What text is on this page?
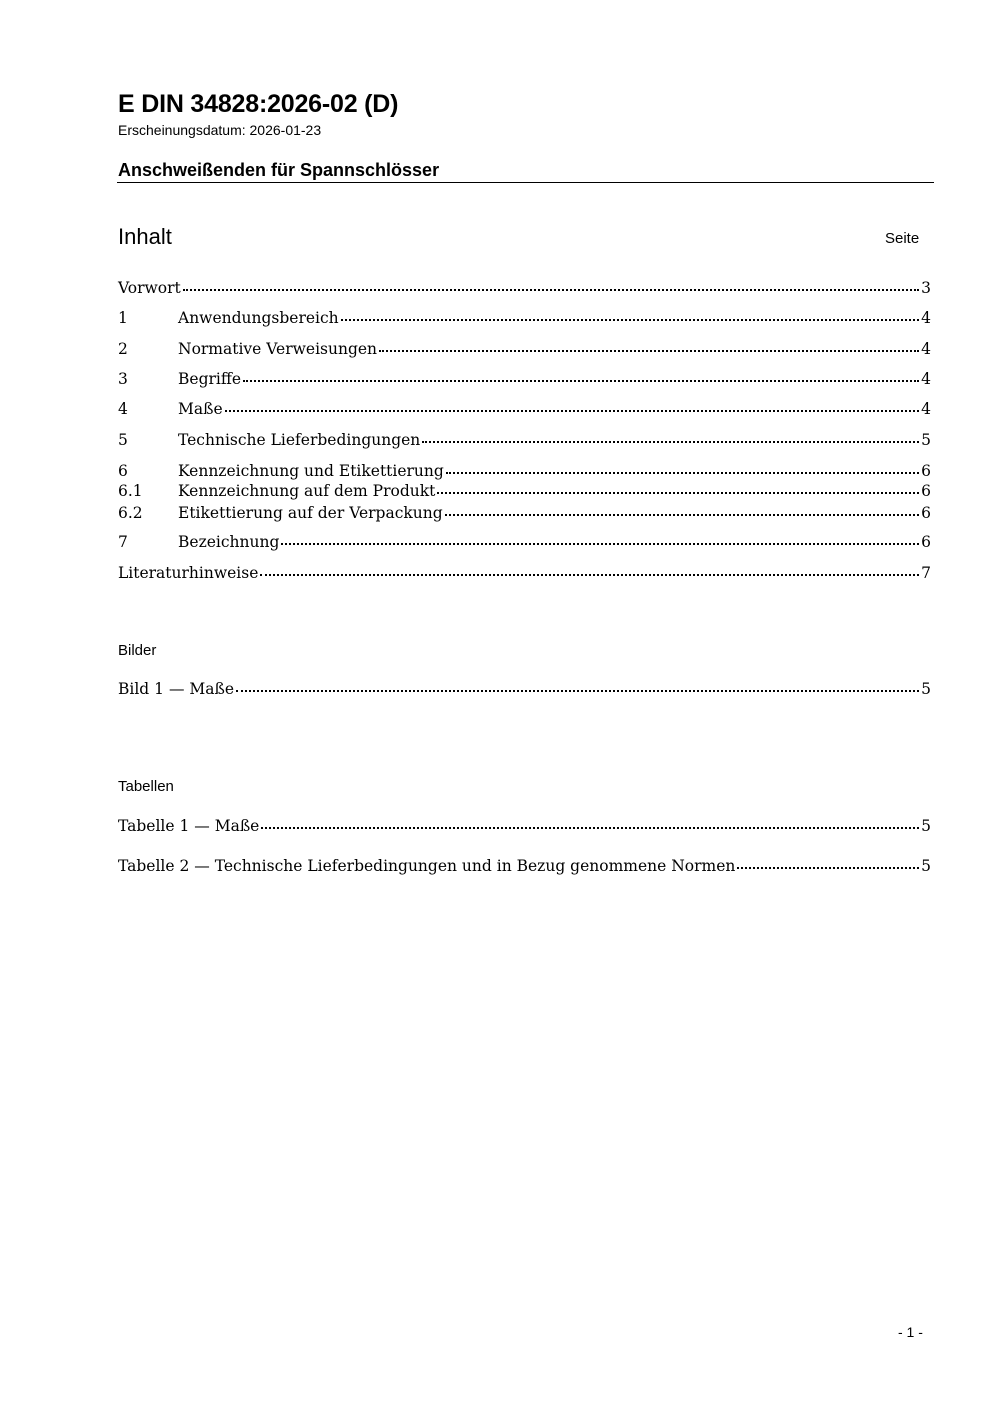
E DIN 34828:2026-02 (D)
Erscheinungsdatum: 2026-01-23
Anschweißenden für Spannschlösser
Inhalt	Seite
Vorwort	3
1	Anwendungsbereich	4
2	Normative Verweisungen	4
3	Begriffe	4
4	Maße	4
5	Technische Lieferbedingungen	5
6	Kennzeichnung und Etikettierung	6
6.1	Kennzeichnung auf dem Produkt	6
6.2	Etikettierung auf der Verpackung	6
7	Bezeichnung	6
Literaturhinweise	7
Bilder
Bild 1 — Maße	5
Tabellen
Tabelle 1 — Maße	5
Tabelle 2 — Technische Lieferbedingungen und in Bezug genommene Normen	5
- 1 -
